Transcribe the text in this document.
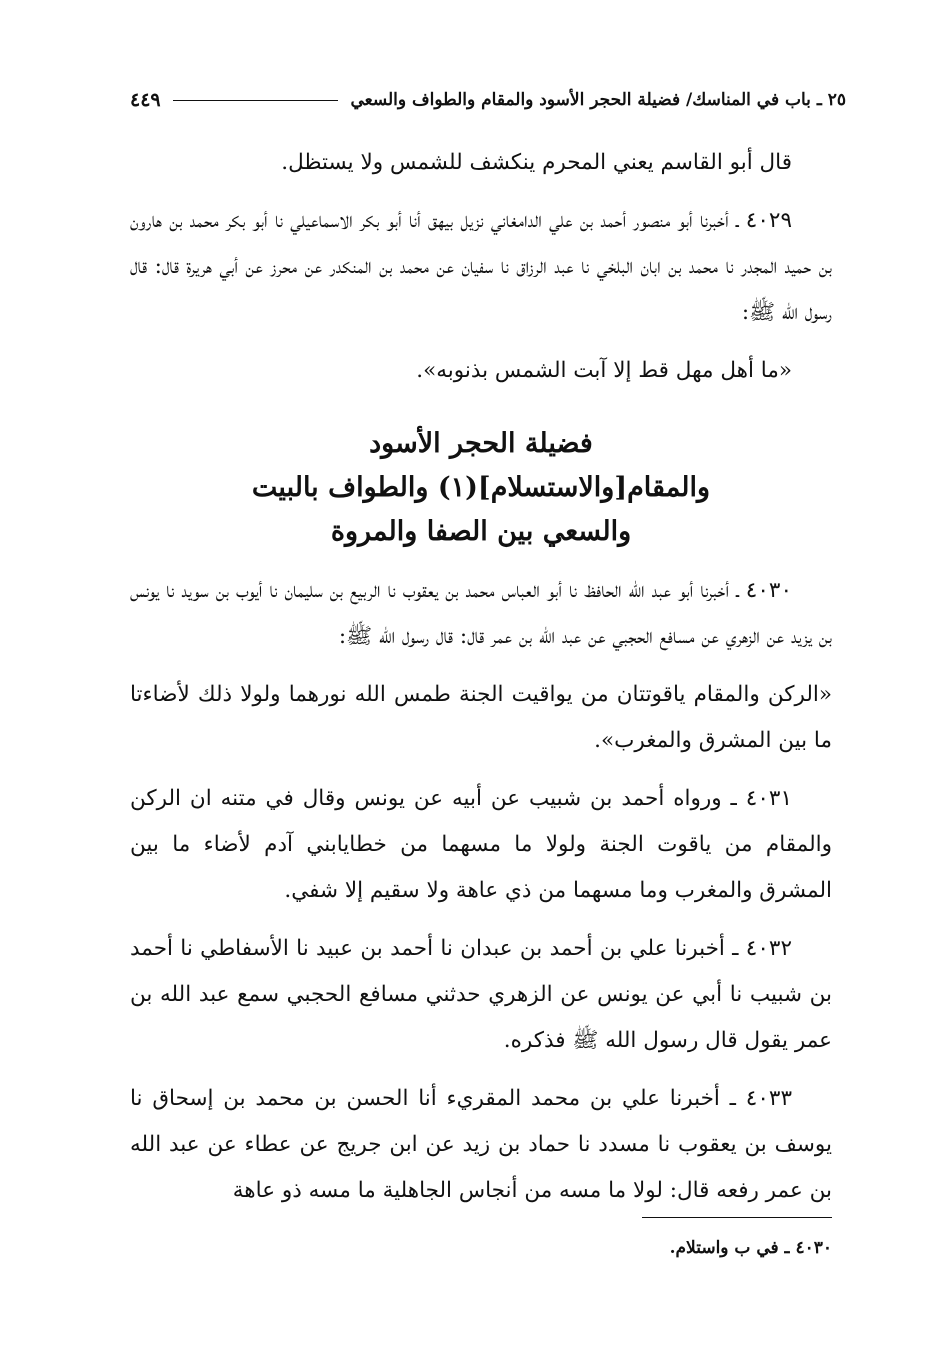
٢٥ ـ باب في المناسك/ فضيلة الحجر الأسود والمقام والطواف والسعي
٤٤٩

قال أبو القاسم يعني المحرم ينكشف للشمس ولا يستظل.

٤٠٢٩ ـ أخبرنا أبو منصور أحمد بن علي الدامغاني نزيل بيهق أنا أبو بكر الاسماعيلي نا أبو بكر محمد بن هارون بن حميد المجدر نا محمد بن ابان البلخي نا عبد الرزاق نا سفيان عن محمد بن المنكدر عن محرز عن أبي هريرة قال: قال رسول الله ﷺ:

«ما أهل مهل قط إلا آبت الشمس بذنوبه».

فضيلة الحجر الأسود
والمقام[والاستسلام](١) والطواف بالبيت
والسعي بين الصفا والمروة

٤٠٣٠ ـ أخبرنا أبو عبد الله الحافظ نا أبو العباس محمد بن يعقوب نا الربيع بن سليمان نا أيوب بن سويد نا يونس بن يزيد عن الزهري عن مسافع الحجبي عن عبد الله بن عمر قال: قال رسول الله ﷺ:

«الركن والمقام ياقوتتان من يواقيت الجنة طمس الله نورهما ولولا ذلك لأضاءتا ما بين المشرق والمغرب».

٤٠٣١ ـ ورواه أحمد بن شبيب عن أبيه عن يونس وقال في متنه ان الركن والمقام من ياقوت الجنة ولولا ما مسهما من خطايابني آدم لأضاء ما بين المشرق والمغرب وما مسهما من ذي عاهة ولا سقيم إلا شفي.

٤٠٣٢ ـ أخبرنا علي بن أحمد بن عبدان نا أحمد بن عبيد نا الأسفاطي نا أحمد بن شبيب نا أبي عن يونس عن الزهري حدثني مسافع الحجبي سمع عبد الله بن عمر يقول قال رسول الله ﷺ فذكره.

٤٠٣٣ ـ أخبرنا علي بن محمد المقريء أنا الحسن بن محمد بن إسحاق نا يوسف بن يعقوب نا مسدد نا حماد بن زيد عن ابن جريج عن عطاء عن عبد الله بن عمر رفعه قال: لولا ما مسه من أنجاس الجاهلية ما مسه ذو عاهة

٤٠٣٠ ـ في ب واستلام.
